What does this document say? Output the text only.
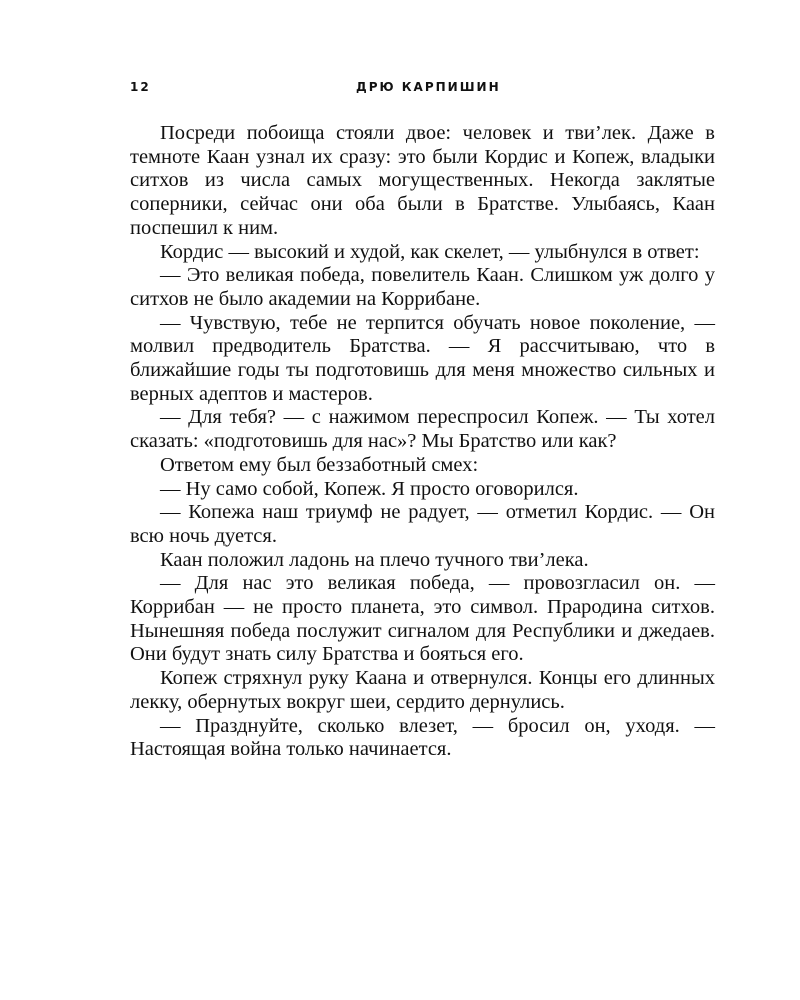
12	ДРЮ КАРПИШИН

Посреди побоища стояли двое: человек и тви’лек. Даже в темноте Каан узнал их сразу: это были Кордис и Копеж, владыки ситхов из числа самых могущественных. Некогда заклятые соперники, сейчас они оба были в Братстве. Улыбаясь, Каан поспешил к ним.

Кордис — высокий и худой, как скелет, — улыбнулся в ответ:

— Это великая победа, повелитель Каан. Слишком уж долго у ситхов не было академии на Коррибане.

— Чувствую, тебе не терпится обучать новое поколение, — молвил предводитель Братства. — Я рассчитываю, что в ближайшие годы ты подготовишь для меня множество сильных и верных адептов и мастеров.

— Для тебя? — с нажимом переспросил Копеж. — Ты хотел сказать: «подготовишь для нас»? Мы Братство или как?

Ответом ему был беззаботный смех:

— Ну само собой, Копеж. Я просто оговорился.

— Копежа наш триумф не радует, — отметил Кордис. — Он всю ночь дуется.

Каан положил ладонь на плечо тучного тви’лека.

— Для нас это великая победа, — провозгласил он. — Коррибан — не просто планета, это символ. Прародина ситхов. Нынешняя победа послужит сигналом для Республики и джедаев. Они будут знать силу Братства и бояться его.

Копеж стряхнул руку Каана и отвернулся. Концы его длинных лекку, обернутых вокруг шеи, сердито дернулись.

— Празднуйте, сколько влезет, — бросил он, уходя. — Настоящая война только начинается.
